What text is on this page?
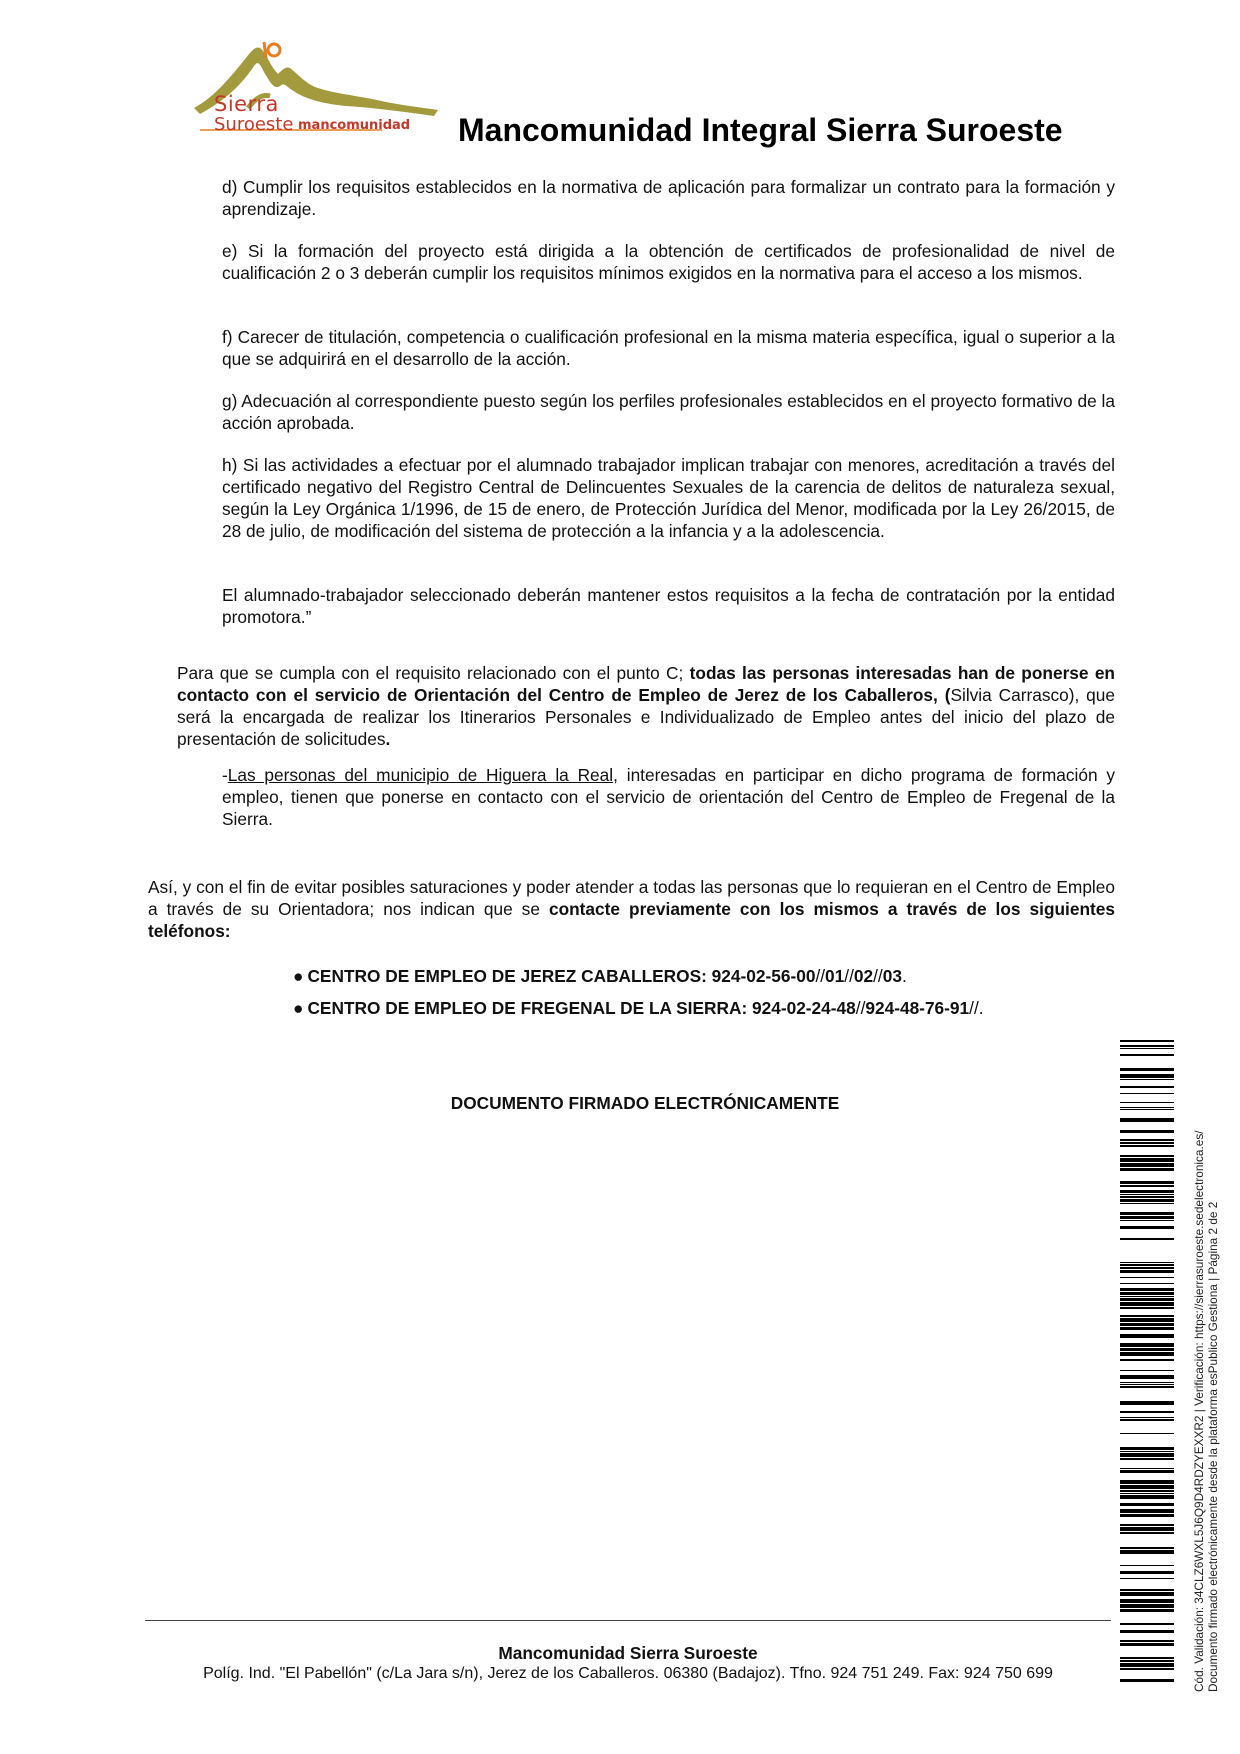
Sierra
Suroeste mancomunidad Mancomunidad Integral Sierra Suroeste
d) Cumplir los requisitos establecidos en la normativa de aplicación para formalizar un contrato para la formación y aprendizaje.
e) Si la formación del proyecto está dirigida a la obtención de certificados de profesionalidad de nivel de cualificación 2 o 3 deberán cumplir los requisitos mínimos exigidos en la normativa para el acceso a los mismos.
f) Carecer de titulación, competencia o cualificación profesional en la misma materia específica, igual o superior a la que se adquirirá en el desarrollo de la acción.
g) Adecuación al correspondiente puesto según los perfiles profesionales establecidos en el proyecto formativo de la acción aprobada.
h) Si las actividades a efectuar por el alumnado trabajador implican trabajar con menores, acreditación a través del certificado negativo del Registro Central de Delincuentes Sexuales de la carencia de delitos de naturaleza sexual, según la Ley Orgánica 1/1996, de 15 de enero, de Protección Jurídica del Menor, modificada por la Ley 26/2015, de 28 de julio, de modificación del sistema de protección a la infancia y a la adolescencia.
El alumnado-trabajador seleccionado deberán mantener estos requisitos a la fecha de contratación por la entidad promotora.”
Para que se cumpla con el requisito relacionado con el punto C; todas las personas interesadas han de ponerse en contacto con el servicio de Orientación del Centro de Empleo de Jerez de los Caballeros, (Silvia Carrasco), que será la encargada de realizar los Itinerarios Personales e Individualizado de Empleo antes del inicio del plazo de presentación de solicitudes.
-Las personas del municipio de Higuera la Real, interesadas en participar en dicho programa de formación y empleo, tienen que ponerse en contacto con el servicio de orientación del Centro de Empleo de Fregenal de la Sierra.
Así, y con el fin de evitar posibles saturaciones y poder atender a todas las personas que lo requieran en el Centro de Empleo a través de su Orientadora; nos indican que se contacte previamente con los mismos a través de los siguientes teléfonos:
● CENTRO DE EMPLEO DE JEREZ CABALLEROS: 924-02-56-00//01//02//03.
● CENTRO DE EMPLEO DE FREGENAL DE LA SIERRA: 924-02-24-48//924-48-76-91//.
DOCUMENTO FIRMADO ELECTRÓNICAMENTE
Cód. Validación: 34CLZ6WXL5J6Q9D4RDZYEXXR2 | Verificación: https://sierrasuroeste.sedelectronica.es/ Documento firmado electrónicamente desde la plataforma esPublico Gestiona | Página 2 de 2
Mancomunidad Sierra Suroeste
Políg. Ind. "El Pabellón" (c/La Jara s/n), Jerez de los Caballeros. 06380 (Badajoz). Tfno. 924 751 249. Fax: 924 750 699
